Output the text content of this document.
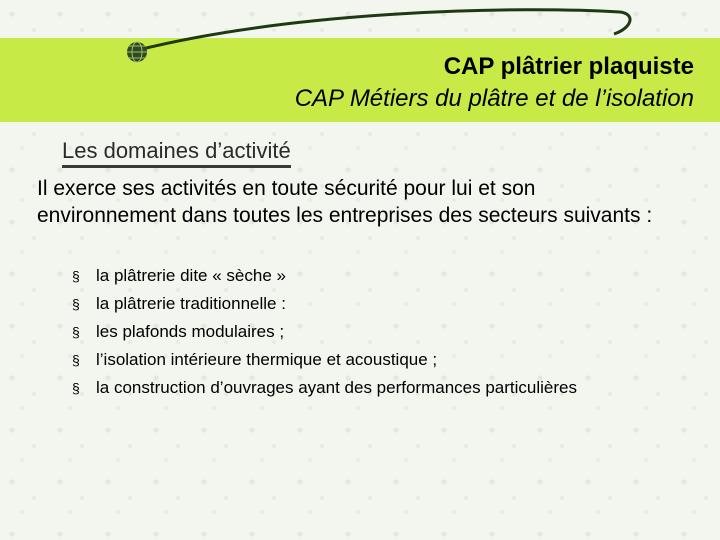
CAP plâtrier plaquiste
CAP Métiers du plâtre et de l’isolation
Les domaines d’activité
Il exerce ses activités en toute sécurité pour lui et son environnement dans toutes les entreprises des secteurs suivants :
§ la plâtrerie dite « sèche »
§ la plâtrerie traditionnelle :
§ les plafonds modulaires ;
§ l’isolation intérieure thermique et acoustique ;
§ la construction d’ouvrages ayant des performances particulières
